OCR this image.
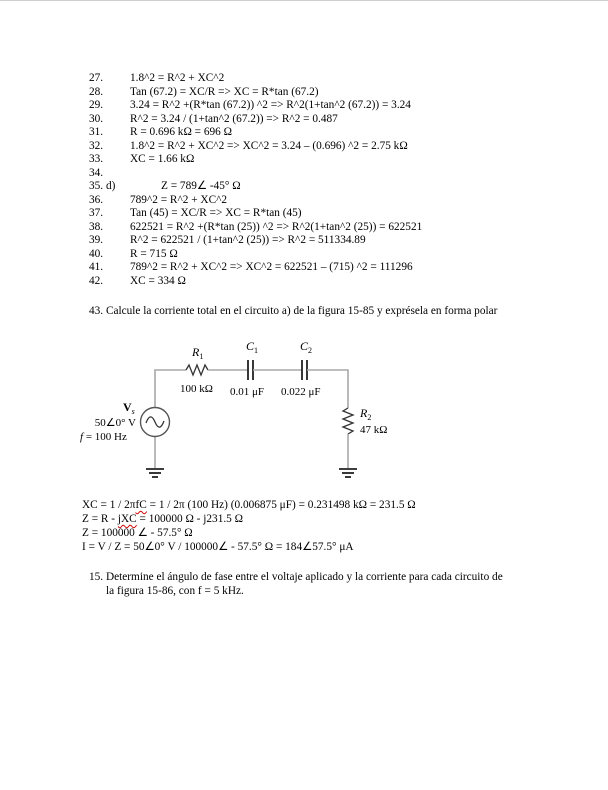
27. 1.8^2 = R^2 + XC^2
28. Tan (67.2) = XC/R => XC = R*tan (67.2)
29. 3.24 = R^2 +(R*tan (67.2)) ^2 => R^2(1+tan^2 (67.2)) = 3.24
30. R^2 = 3.24 / (1+tan^2 (67.2)) => R^2 = 0.487
31. R = 0.696 kΩ = 696 Ω
32. 1.8^2 = R^2 + XC^2 => XC^2 = 3.24 – (0.696) ^2 = 2.75 kΩ
33. XC = 1.66 kΩ
34.
35. d)	Z = 789∠ -45° Ω
36. 789^2 = R^2 + XC^2
37. Tan (45) = XC/R => XC = R*tan (45)
38. 622521 = R^2 +(R*tan (25)) ^2 => R^2(1+tan^2 (25)) = 622521
39. R^2 = 622521 / (1+tan^2 (25)) => R^2 = 511334.89
40. R = 715 Ω
41. 789^2 = R^2 + XC^2 => XC^2 = 622521 – (715) ^2 = 111296
42. XC = 334 Ω
43. Calcule la corriente total en el circuito a) de la figura 15-85 y exprésela en forma polar
$R_1$
100 kΩ
$C_1$
0.01 μF
$C_2$
0.022 μF
$R_2$
47 kΩ
$V_s$
50∠0° V
f = 100 Hz
XC = 1 / 2πfC = 1 / 2π (100 Hz) (0.006875 μF) = 0.231498 kΩ = 231.5 Ω
Z = R - jXC = 100000 Ω - j231.5 Ω
Z = 100000 ∠ - 57.5° Ω
I = V / Z = 50∠0° V / 100000∠ - 57.5° Ω = 184∠57.5° μA
15. Determine el ángulo de fase entre el voltaje aplicado y la corriente para cada circuito de
la figura 15-86, con f = 5 kHz.
